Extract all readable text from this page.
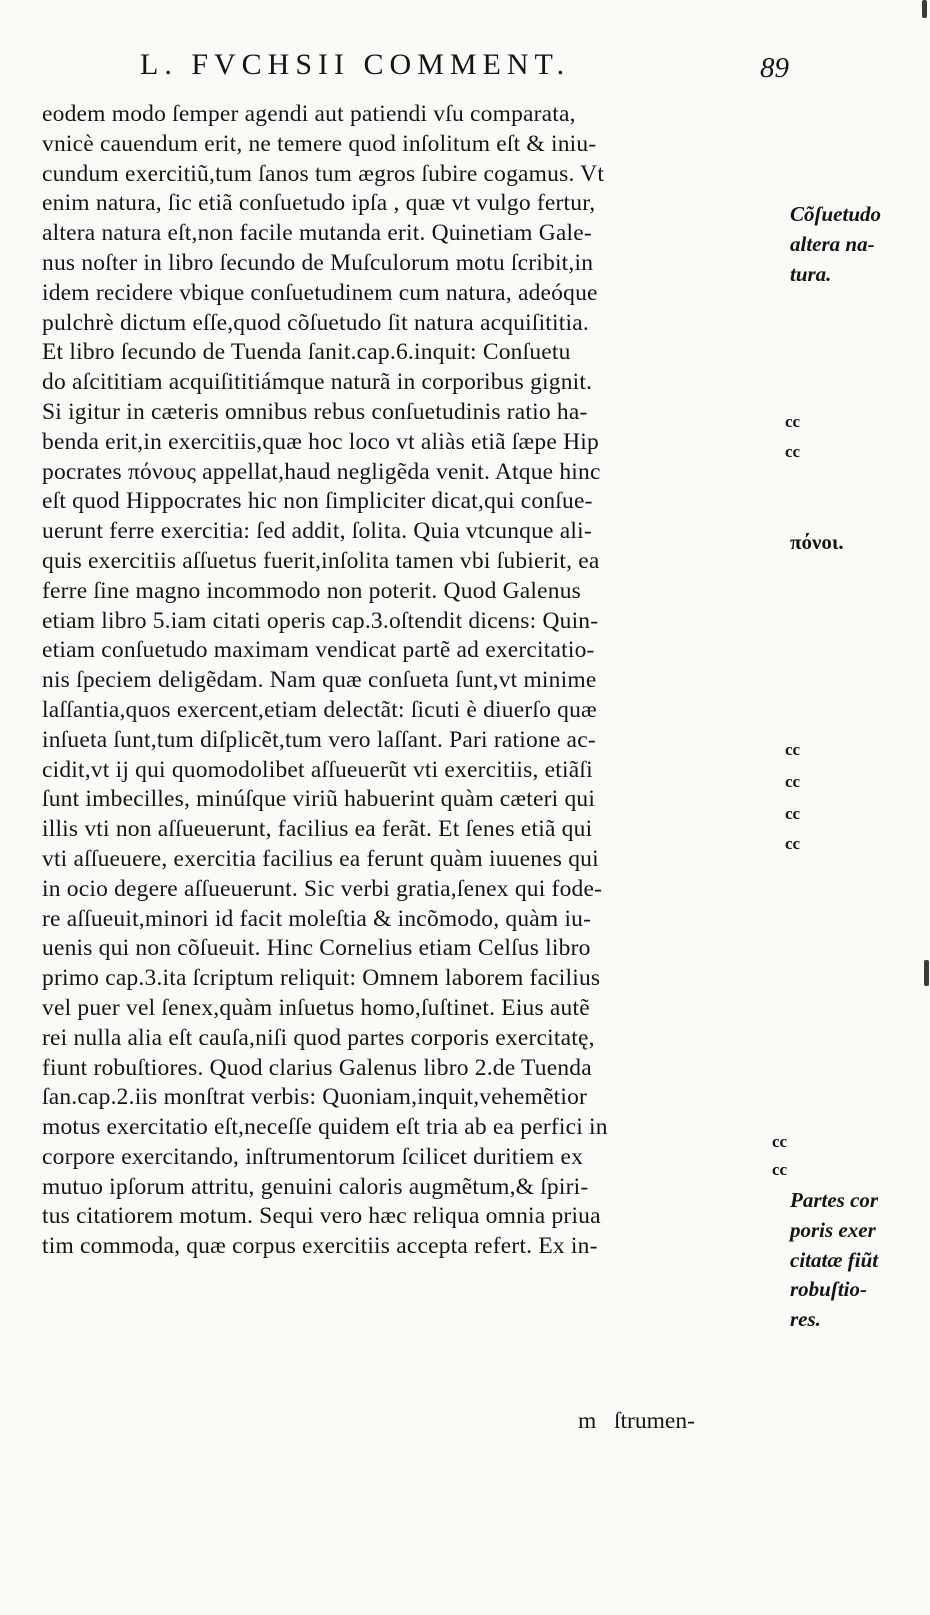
L. FVCHSII COMMENT.	89
eodem modo ſemper agendi aut patiendi vſu comparata,
vnicè cauendum erit, ne temere quod inſolitum eſt & iniu-
cundum exercitiũ,tum ſanos tum ægros ſubire cogamus. Vt
enim natura, ſic etiã conſuetudo ipſa , quæ vt vulgo fertur,
altera natura eſt,non facile mutanda erit. Quinetiam Gale-
nus noſter in libro ſecundo de Muſculorum motu ſcribit,in
idem recidere vbique conſuetudinem cum natura, adeóque
pulchrè dictum eſſe,quod cõſuetudo ſit natura acquiſititia.
Et libro ſecundo de Tuenda ſanit.cap.6.inquit: Conſuetu
do aſcititiam acquiſititiámque naturã in corporibus gignit.
Si igitur in cæteris omnibus rebus conſuetudinis ratio ha-
benda erit,in exercitiis,quæ hoc loco vt aliàs etiã ſæpe Hip
pocrates πόνους appellat,haud negligẽda venit. Atque hinc
eſt quod Hippocrates hic non ſimpliciter dicat,qui conſue-
uerunt ferre exercitia: ſed addit, ſolita. Quia vtcunque ali-
quis exercitiis aſſuetus fuerit,inſolita tamen vbi ſubierit, ea
ferre ſine magno incommodo non poterit. Quod Galenus
etiam libro 5.iam citati operis cap.3.oſtendit dicens: Quin-
etiam conſuetudo maximam vendicat partẽ ad exercitatio-
nis ſpeciem deligẽdam. Nam quæ conſueta ſunt,vt minime
laſſantia,quos exercent,etiam delectãt: ſicuti è diuerſo quæ
inſueta ſunt,tum diſplicẽt,tum vero laſſant. Pari ratione ac-
cidit,vt ij qui quomodolibet aſſueuerũt vti exercitiis, etiãſi
ſunt imbecilles, minúſque viriũ habuerint quàm cæteri qui
illis vti non aſſueuerunt, facilius ea ferãt. Et ſenes etiã qui
vti aſſueuere, exercitia facilius ea ferunt quàm iuuenes qui
in ocio degere aſſueuerunt. Sic verbi gratia,ſenex qui fode-
re aſſueuit,minori id facit moleſtia & incõmodo, quàm iu-
uenis qui non cõſueuit. Hinc Cornelius etiam Celſus libro
primo cap.3.ita ſcriptum reliquit: Omnem laborem facilius
vel puer vel ſenex,quàm inſuetus homo,ſuſtinet. Eius autẽ
rei nulla alia eſt cauſa,niſi quod partes corporis exercitatę,
fiunt robuſtiores. Quod clarius Galenus libro 2.de Tuenda
ſan.cap.2.iis monſtrat verbis: Quoniam,inquit,vehemẽtior
motus exercitatio eſt,neceſſe quidem eſt tria ab ea perfici in
corpore exercitando, inſtrumentorum ſcilicet duritiem ex
mutuo ipſorum attritu, genuini caloris augmẽtum,& ſpiri-
tus citatiorem motum. Sequi vero hæc reliqua omnia priua
tim commoda, quæ corpus exercitiis accepta refert. Ex in-
m ſtrumen-
Cõſuetudo
altera na-
tura.
πόνοι.
Partes cor
poris exer
citatæ fiũt
robuſtio-
res.
cc
cc
cc
cc
cc
cc
cc
cc
